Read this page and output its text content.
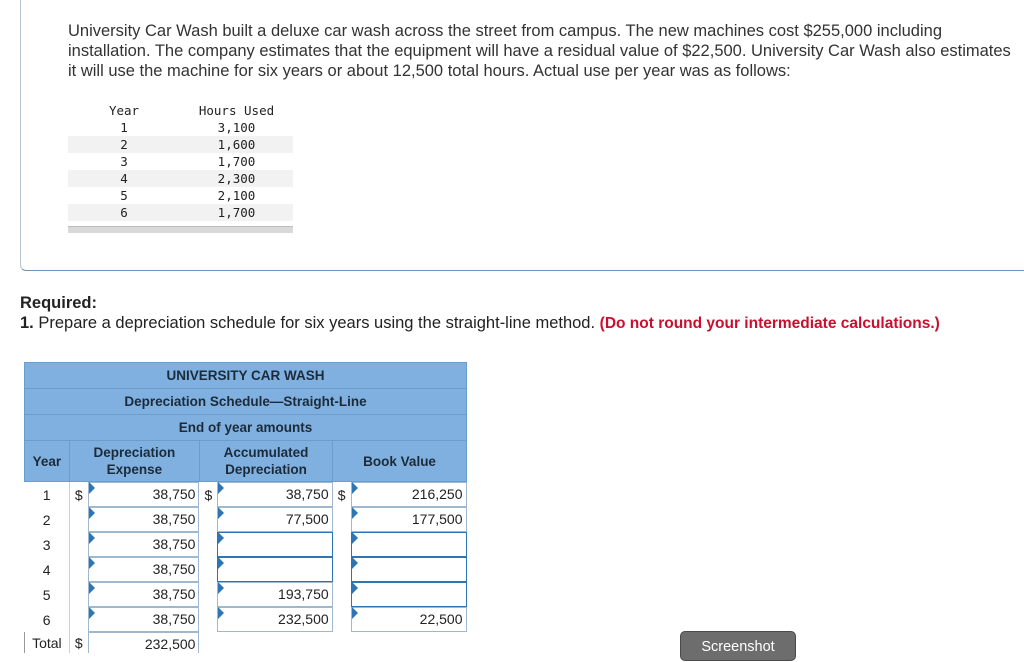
University Car Wash built a deluxe car wash across the street from campus. The new machines cost $255,000 including installation. The company estimates that the equipment will have a residual value of $22,500. University Car Wash also estimates it will use the machine for six years or about 12,500 total hours. Actual use per year was as follows:
Year	Hours Used
1	3,100
2	1,600
3	1,700
4	2,300
5	2,100
6	1,700
Required:
1. Prepare a depreciation schedule for six years using the straight-line method. (Do not round your intermediate calculations.)
UNIVERSITY CAR WASH						
Depreciation Schedule—Straight-Line						
End of year amounts						
Year	Depreciation Expense		Accumulated Depreciation		Book Value	
1	$	38,750	$	38,750	$	216,250

2		38,750		77,500		177,500

3		38,750				

4		38,750				

5		38,750		193,750		

6		38,750		232,500		22,500

Total	$	232,500				
		Screenshot
